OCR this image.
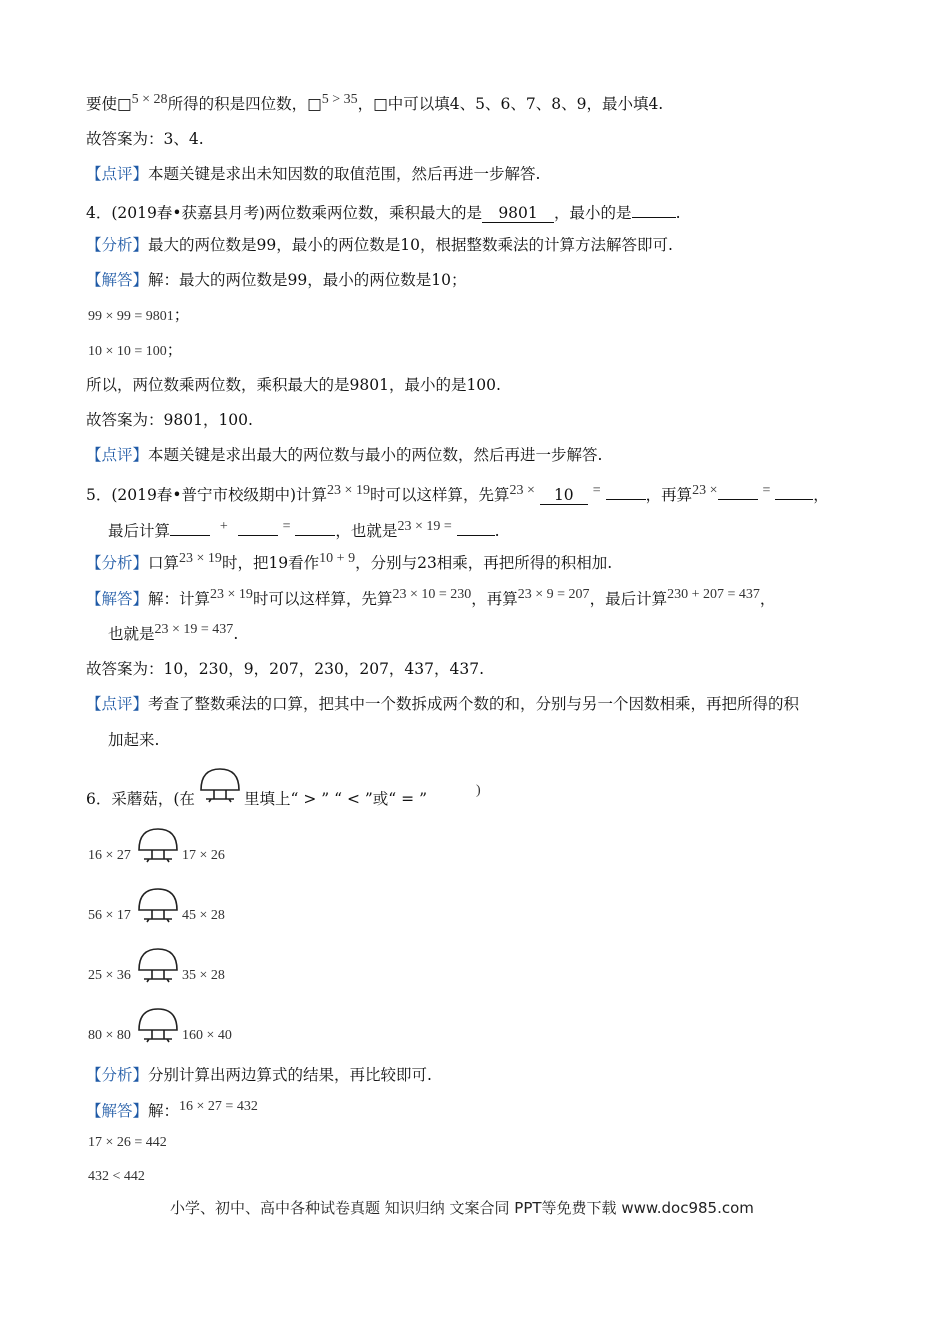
要使□5 × 28所得的积是四位数，□5 > 35，□中可以填4、5、6、7、8、9，最小填4.
故答案为：3、4.
【点评】本题关键是求出未知因数的取值范围，然后再进一步解答.
4．(2019春•获嘉县月考)两位数乘两位数，乘积最大的是 9801 ，最小的是	.
【分析】最大的两位数是99，最小的两位数是10，根据整数乘法的计算方法解答即可.
【解答】解：最大的两位数是99，最小的两位数是10；
99 × 99 = 9801；
10 × 10 = 100；
所以，两位数乘两位数，乘积最大的是9801，最小的是100.
故答案为：9801，100.
【点评】本题关键是求出最大的两位数与最小的两位数，然后再进一步解答.
5．(2019春•普宁市校级期中)计算23 × 19时可以这样算，先算23 × 10 =	，再算23 ×	=	，
最后计算	+	=	，也就是23 × 19 =	.
【分析】口算23 × 19时，把19看作10 + 9，分别与23相乘，再把所得的积相加.
【解答】解：计算23 × 19时可以这样算，先算23 × 10 = 230，再算23 × 9 = 207，最后计算230 + 207 = 437，
也就是23 × 19 = 437.
故答案为：10，230，9，207，230，207，437，437.
【点评】考查了整数乘法的口算，把其中一个数拆成两个数的和，分别与另一个因数相乘，再把所得的积
加起来.
6．采蘑菇，(在	里填上“ > ” “ < ”或“ = ”	)
16 × 27	17 × 26
56 × 17	45 × 28
25 × 36	35 × 28
80 × 80	160 × 40
【分析】分别计算出两边算式的结果，再比较即可.
【解答】解：16 × 27 = 432
17 × 26 = 442
432 < 442
小学、初中、高中各种试卷真题 知识归纳 文案合同 PPT等免费下载 www.doc985.com
